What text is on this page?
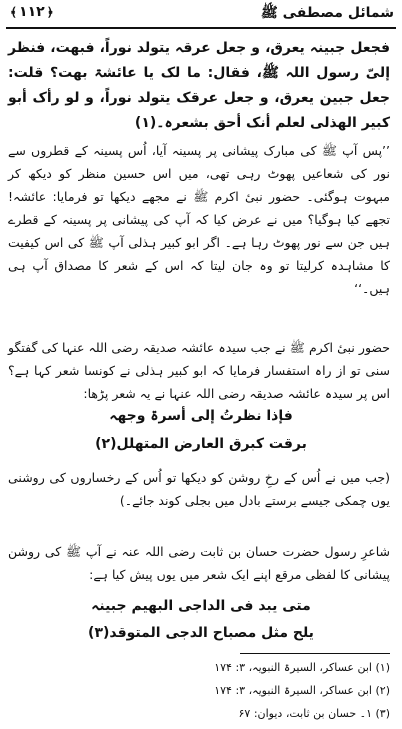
شمائل مصطفی ﷺ
﴿۱۱۲﴾
فجعل جبینہ یعرق، و جعل عرقہ یتولد نوراً، فبھت، فنظر إلیّ رسول اللہ ﷺ، فقال: ما لک یا عائشۃ بھت؟ قلت: جعل جبین یعرق، و جعل عرقک یتولد نوراً، و لو رأک أبو کبیر الھذلی لعلم أنک أحق بشعرہ۔(۱)
’’پس آپ ﷺ کی مبارک پیشانی پر پسینہ آیا، اُس پسینہ کے قطروں سے نور کی شعاعیں پھوٹ رہی تھی، میں اس حسین منظر کو دیکھ کر مبہوت ہوگئی۔ حضور نبیٔ اکرم ﷺ نے مجھے دیکھا تو فرمایا: عائشہ! تجھے کیا ہوگیا؟ میں نے عرض کیا کہ آپ کی پیشانی پر پسینہ کے قطرے ہیں جن سے نور پھوٹ رہا ہے۔ اگر ابو کبیر ہذلی آپ ﷺ کی اس کیفیت کا مشاہدہ کرلیتا تو وہ جان لیتا کہ اس کے شعر کا مصداق آپ ہی ہیں۔‘‘
حضور نبیٔ اکرم ﷺ نے جب سیدہ عائشہ صدیقہ رضی اللہ عنہا کی گفتگو سنی تو از راہ استفسار فرمایا کہ ابو کبیر ہذلی نے کونسا شعر کہا ہے؟ اس پر سیدہ عائشہ صدیقہ رضی اللہ عنہا نے یہ شعر پڑھا:
فإذا نظرتُ إلی أسرۃ وجھہ
برقت کبرق العارض المتھلل(۲)
(جب میں نے اُس کے رخِ روشن کو دیکھا تو اُس کے رخساروں کی روشنی یوں چمکی جیسے برستے بادل میں بجلی کوند جائے۔)
شاعرِ رسول حضرت حسان بن ثابت رضی اللہ عنہ نے آپ ﷺ کی روشن پیشانی کا لفظی مرقع اپنے ایک شعر میں یوں پیش کیا ہے:
متی یبد فی الداجی البھیم جبینہ
یلح مثل مصباح الدجی المتوقد(۳)
(۱) ابن عساکر، السیرۃ النبویہ، ۳: ۱۷۴
(۲) ابن عساکر، السیرۃ النبویہ، ۳: ۱۷۴
(۳) ۱۔ حسان بن ثابت، دیوان: ۶۷
